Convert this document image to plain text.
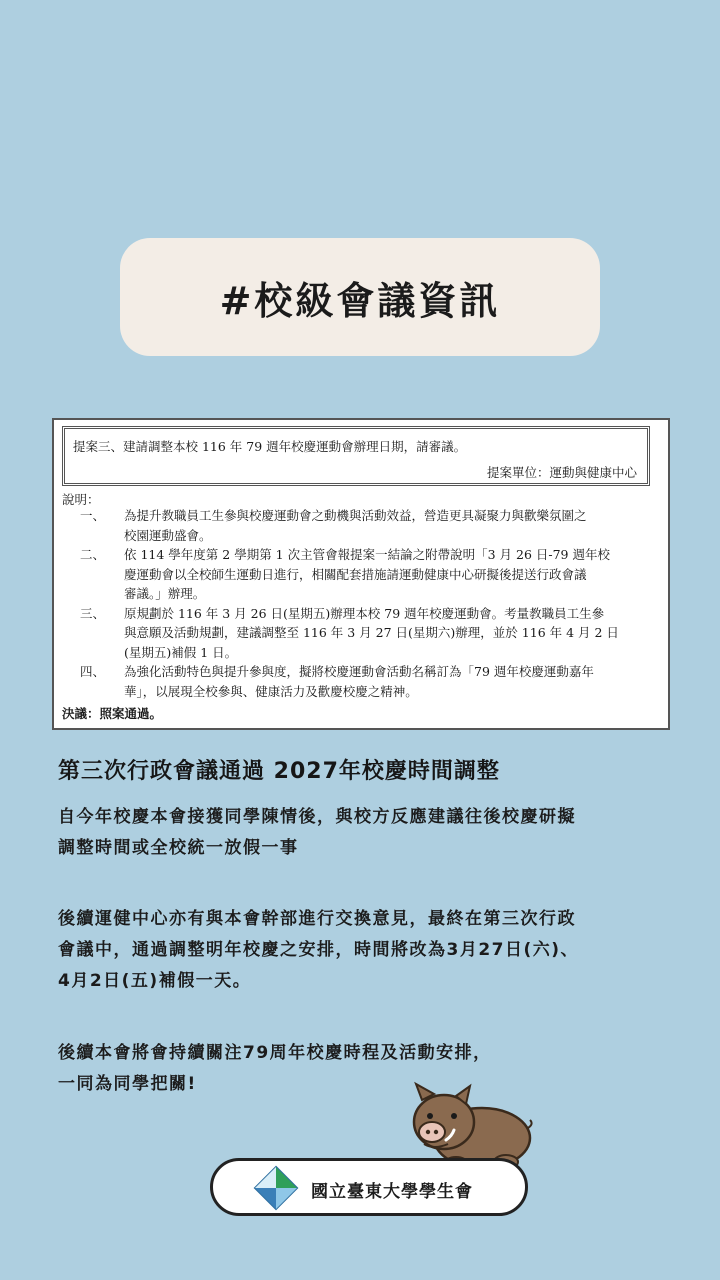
#校級會議資訊
提案三、建請調整本校 116 年 79 週年校慶運動會辦理日期，請審議。
提案單位：運動與健康中心
說明：
一、	為提升教職員工生參與校慶運動會之動機與活動效益，營造更具凝聚力與歡樂氛圍之
校園運動盛會。
二、	依 114 學年度第 2 學期第 1 次主管會報提案一結論之附帶說明「3 月 26 日-79 週年校
慶運動會以全校師生運動日進行，相關配套措施請運動健康中心研擬後提送行政會議
審議。」辦理。
三、	原規劃於 116 年 3 月 26 日(星期五)辦理本校 79 週年校慶運動會。考量教職員工生參
與意願及活動規劃，建議調整至 116 年 3 月 27 日(星期六)辦理，並於 116 年 4 月 2 日
(星期五)補假 1 日。
四、	為強化活動特色與提升參與度，擬將校慶運動會活動名稱訂為「79 週年校慶運動嘉年
華」，以展現全校參與、健康活力及歡慶校慶之精神。
決議：照案通過。
第三次行政會議通過 2027年校慶時間調整
自今年校慶本會接獲同學陳情後，與校方反應建議往後校慶研擬
調整時間或全校統一放假一事
後續運健中心亦有與本會幹部進行交換意見，最終在第三次行政
會議中，通過調整明年校慶之安排，時間將改為3月27日(六)、
4月2日(五)補假一天。
後續本會將會持續關注79周年校慶時程及活動安排，
一同為同學把關!
國立臺東大學學生會
